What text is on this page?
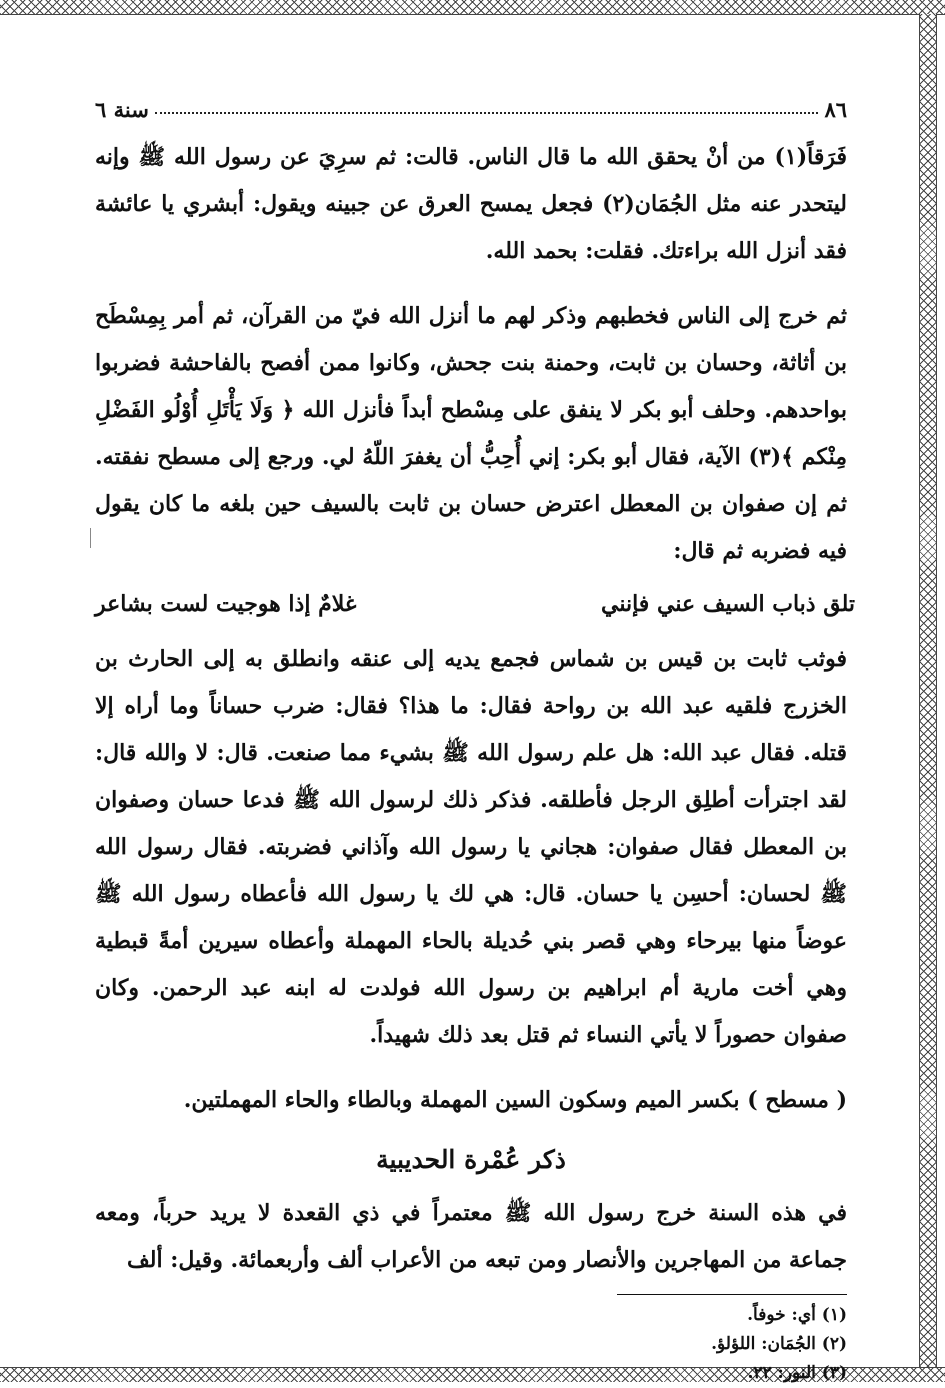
٨٦
سنة ٦

فَرَقاً(١) من أنْ يحقق الله ما قال الناس. قالت: ثم سرِيَ عن رسول الله ﷺ وإنه ليتحدر عنه مثل الجُمَان(٢) فجعل يمسح العرق عن جبينه ويقول: أبشري يا عائشة فقد أنزل الله براءتك. فقلت: بحمد الله.

ثم خرج إلى الناس فخطبهم وذكر لهم ما أنزل الله فيّ من القرآن، ثم أمر بِمِسْطَح بن أثاثة، وحسان بن ثابت، وحمنة بنت جحش، وكانوا ممن أفصح بالفاحشة فضربوا بواحدهم. وحلف أبو بكر لا ينفق على مِسْطح أبداً فأنزل الله ﴿ وَلَا يَأْتَلِ أُوْلُو الفَضْلِ مِنْكم ﴾(٣) الآية، فقال أبو بكر: إني أُحِبُّ أن يغفرَ اللّهُ لي. ورجع إلى مسطح نفقته. ثم إن صفوان بن المعطل اعترض حسان بن ثابت بالسيف حين بلغه ما كان يقول فيه فضربه ثم قال:

تلق ذباب السيف عني فإنني
غلامٌ إذا هوجيت لست بشاعر

فوثب ثابت بن قيس بن شماس فجمع يديه إلى عنقه وانطلق به إلى الحارث بن الخزرج فلقيه عبد الله بن رواحة فقال: ما هذا؟ فقال: ضرب حساناً وما أراه إلا قتله. فقال عبد الله: هل علم رسول الله ﷺ بشيء مما صنعت. قال: لا والله قال: لقد اجترأت أطلِق الرجل فأطلقه. فذكر ذلك لرسول الله ﷺ فدعا حسان وصفوان بن المعطل فقال صفوان: هجاني يا رسول الله وآذاني فضربته. فقال رسول الله ﷺ لحسان: أحسِن يا حسان. قال: هي لك يا رسول الله فأعطاه رسول الله ﷺ عوضاً منها بيرحاء وهي قصر بني حُديلة بالحاء المهملة وأعطاه سيرين أمةً قبطية وهي أخت مارية أم ابراهيم بن رسول الله فولدت له ابنه عبد الرحمن. وكان صفوان حصوراً لا يأتي النساء ثم قتل بعد ذلك شهيداً.

( مسطح ) بكسر الميم وسكون السين المهملة وبالطاء والحاء المهملتين.

ذكر عُمْرة الحديبية

في هذه السنة خرج رسول الله ﷺ معتمراً في ذي القعدة لا يريد حرباً، ومعه جماعة من المهاجرين والأنصار ومن تبعه من الأعراب ألف وأربعمائة. وقيل: ألف

(١) أي: خوفاً.

(٢) الجُمَان: اللؤلؤ.

(٣) النور: ٢٢.
